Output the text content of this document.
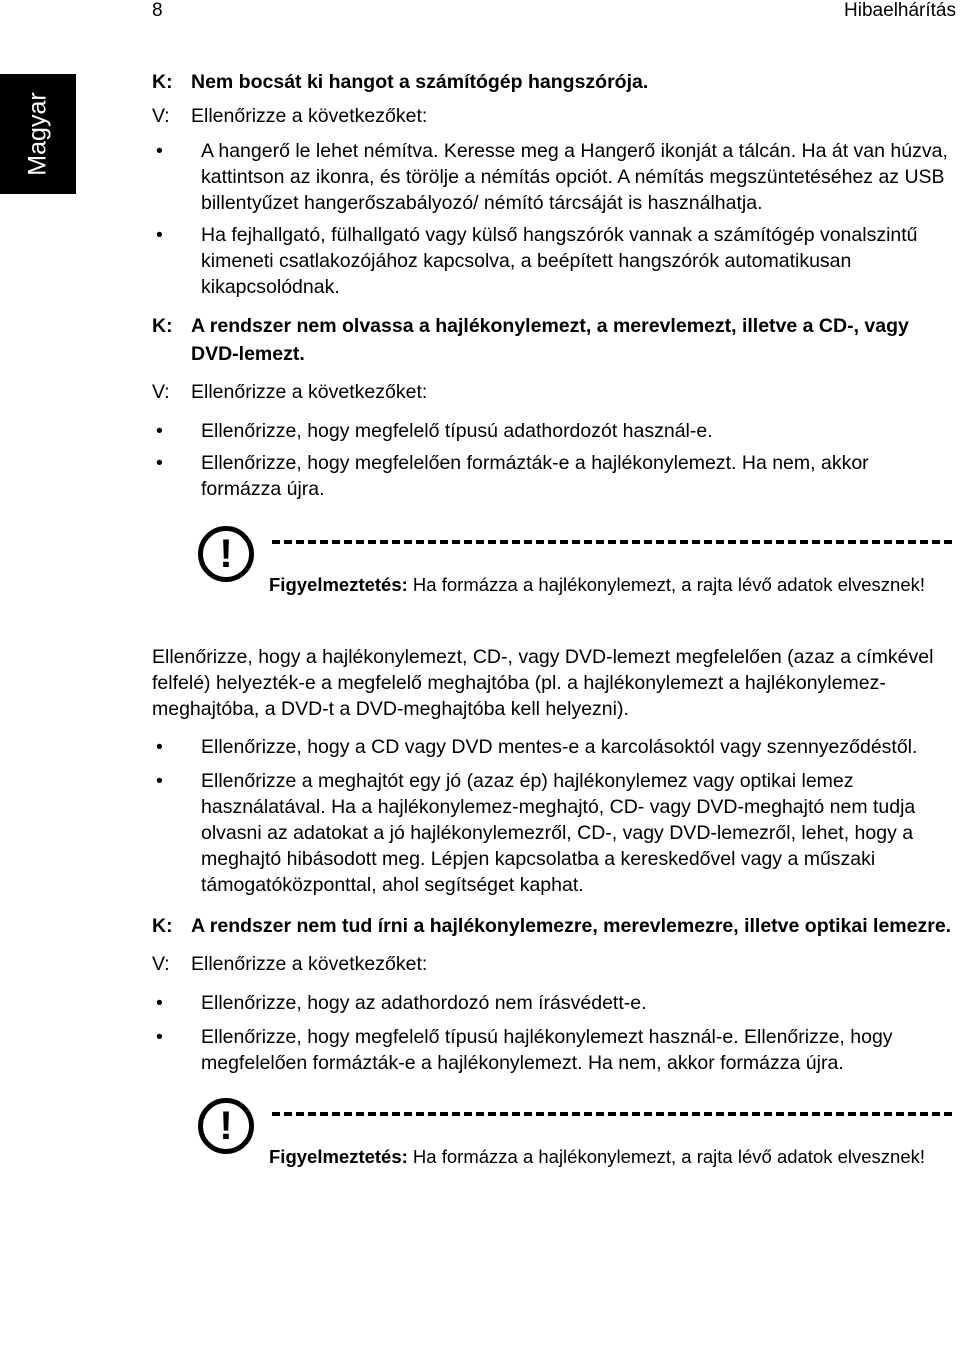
8	Hibaelhárítás
Magyar
K: Nem bocsát ki hangot a számítógép hangszórója.
V:	Ellenőrizze a következőket:
• A hangerő le lehet némítva. Keresse meg a Hangerő ikonját a tálcán. Ha át van húzva, kattintson az ikonra, és törölje a némítás opciót. A némítás megszüntetéséhez az USB billentyűzet hangerőszabályozó/ némító tárcsáját is használhatja.
• Ha fejhallgató, fülhallgató vagy külső hangszórók vannak a számítógép vonalszintű kimeneti csatlakozójához kapcsolva, a beépített hangszórók automatikusan kikapcsolódnak.
K: A rendszer nem olvassa a hajlékonylemezt, a merevlemezt, illetve a CD-, vagy DVD-lemezt.
V:	Ellenőrizze a következőket:
• Ellenőrizze, hogy megfelelő típusú adathordozót használ-e.
• Ellenőrizze, hogy megfelelően formázták-e a hajlékonylemezt. Ha nem, akkor formázza újra.
!
Figyelmeztetés: Ha formázza a hajlékonylemezt, a rajta lévő adatok elvesznek!
Ellenőrizze, hogy a hajlékonylemezt, CD-, vagy DVD-lemezt megfelelően (azaz a címkével felfelé) helyezték-e a megfelelő meghajtóba (pl. a hajlékonylemezt a hajlékonylemez-meghajtóba, a DVD-t a DVD-meghajtóba kell helyezni).
• Ellenőrizze, hogy a CD vagy DVD mentes-e a karcolásoktól vagy szennyeződéstől.
• Ellenőrizze a meghajtót egy jó (azaz ép) hajlékonylemez vagy optikai lemez használatával. Ha a hajlékonylemez-meghajtó, CD- vagy DVD-meghajtó nem tudja olvasni az adatokat a jó hajlékonylemezről, CD-, vagy DVD-lemezről, lehet, hogy a meghajtó hibásodott meg. Lépjen kapcsolatba a kereskedővel vagy a műszaki támogatóközponttal, ahol segítséget kaphat.
K: A rendszer nem tud írni a hajlékonylemezre, merevlemezre, illetve optikai lemezre.
V:	Ellenőrizze a következőket:
• Ellenőrizze, hogy az adathordozó nem írásvédett-e.
• Ellenőrizze, hogy megfelelő típusú hajlékonylemezt használ-e. Ellenőrizze, hogy megfelelően formázták-e a hajlékonylemezt. Ha nem, akkor formázza újra.
!
Figyelmeztetés: Ha formázza a hajlékonylemezt, a rajta lévő adatok elvesznek!
